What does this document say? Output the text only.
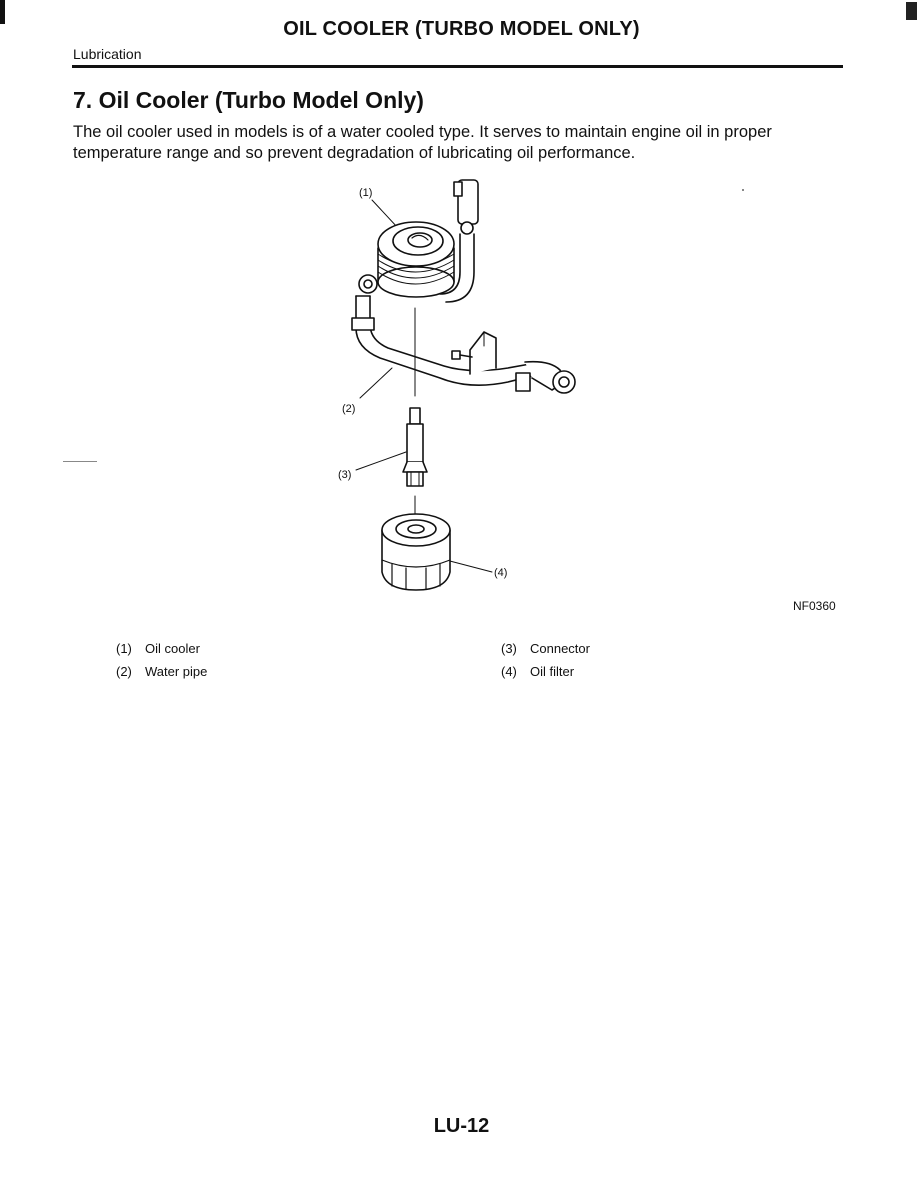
OIL COOLER (TURBO MODEL ONLY)
Lubrication
7. Oil Cooler (Turbo Model Only)

The oil cooler used in models is of a water cooled type. It serves to maintain engine oil in proper temperature range and so prevent degradation of lubricating oil performance.

(1)
(2)
(3)
(4)
NF0360
(1)	Oil cooler
(2)	Water pipe
(3)	Connector
(4)	Oil filter
LU-12
